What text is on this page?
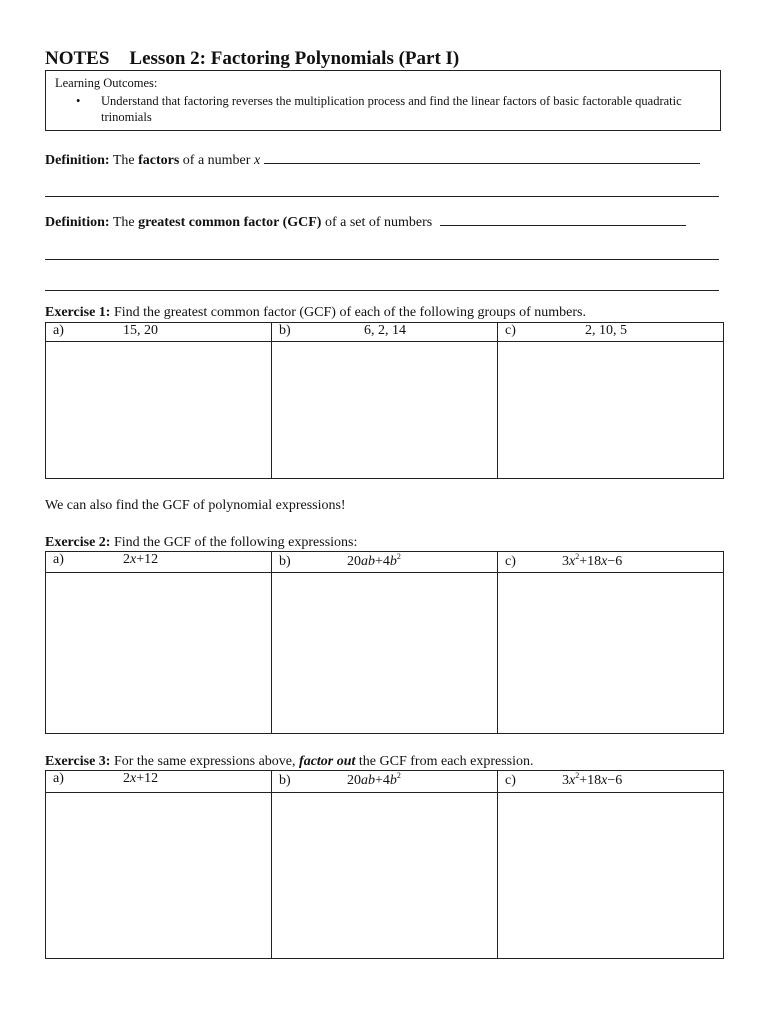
NOTES Lesson 2: Factoring Polynomials (Part I)
Learning Outcomes:
• Understand that factoring reverses the multiplication process and find the linear factors of basic factorable quadratic trinomials
Definition: The factors of a number x
Definition: The greatest common factor (GCF) of a set of numbers
Exercise 1: Find the greatest common factor (GCF) of each of the following groups of numbers.
a) 15, 20	b) 6, 2, 14	c) 2, 10, 5

We can also find the GCF of polynomial expressions!
Exercise 2: Find the GCF of the following expressions:
a) 2x+12	b) $20ab+4b^2$	c) $3x^2+18x-6$

Exercise 3: For the same expressions above, factor out the GCF from each expression.
a) 2x+12	b) $20ab+4b^2$	c) $3x^2+18x-6$
